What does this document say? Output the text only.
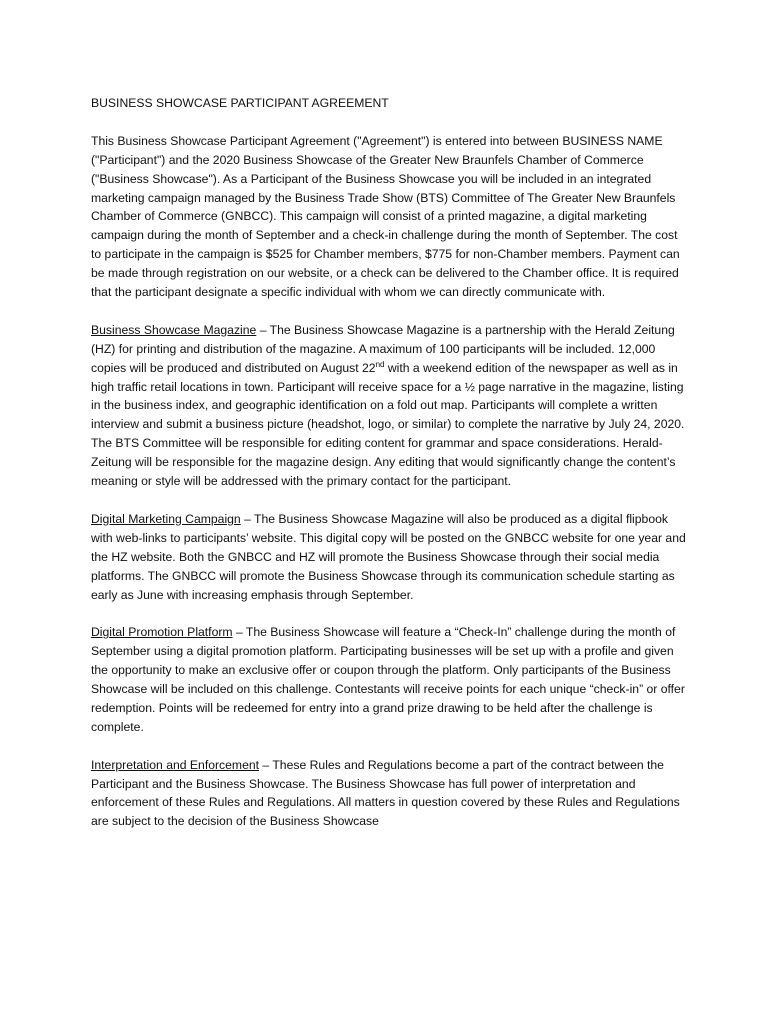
BUSINESS SHOWCASE PARTICIPANT AGREEMENT

This Business Showcase Participant Agreement ("Agreement") is entered into between BUSINESS NAME ("Participant") and the 2020 Business Showcase of the Greater New Braunfels Chamber of Commerce ("Business Showcase"). As a Participant of the Business Showcase you will be included in an integrated marketing campaign managed by the Business Trade Show (BTS) Committee of The Greater New Braunfels Chamber of Commerce (GNBCC). This campaign will consist of a printed magazine, a digital marketing campaign during the month of September and a check-in challenge during the month of September. The cost to participate in the campaign is $525 for Chamber members, $775 for non-Chamber members. Payment can be made through registration on our website, or a check can be delivered to the Chamber office. It is required that the participant designate a specific individual with whom we can directly communicate with.

Business Showcase Magazine – The Business Showcase Magazine is a partnership with the Herald Zeitung (HZ) for printing and distribution of the magazine. A maximum of 100 participants will be included. 12,000 copies will be produced and distributed on August 22nd with a weekend edition of the newspaper as well as in high traffic retail locations in town. Participant will receive space for a ½ page narrative in the magazine, listing in the business index, and geographic identification on a fold out map. Participants will complete a written interview and submit a business picture (headshot, logo, or similar) to complete the narrative by July 24, 2020. The BTS Committee will be responsible for editing content for grammar and space considerations. Herald-Zeitung will be responsible for the magazine design. Any editing that would significantly change the content’s meaning or style will be addressed with the primary contact for the participant.

Digital Marketing Campaign – The Business Showcase Magazine will also be produced as a digital flipbook with web-links to participants’ website. This digital copy will be posted on the GNBCC website for one year and the HZ website. Both the GNBCC and HZ will promote the Business Showcase through their social media platforms. The GNBCC will promote the Business Showcase through its communication schedule starting as early as June with increasing emphasis through September.

Digital Promotion Platform – The Business Showcase will feature a “Check-In” challenge during the month of September using a digital promotion platform. Participating businesses will be set up with a profile and given the opportunity to make an exclusive offer or coupon through the platform. Only participants of the Business Showcase will be included on this challenge. Contestants will receive points for each unique “check-in” or offer redemption. Points will be redeemed for entry into a grand prize drawing to be held after the challenge is complete.

Interpretation and Enforcement – These Rules and Regulations become a part of the contract between the Participant and the Business Showcase. The Business Showcase has full power of interpretation and enforcement of these Rules and Regulations. All matters in question covered by these Rules and Regulations are subject to the decision of the Business Showcase
